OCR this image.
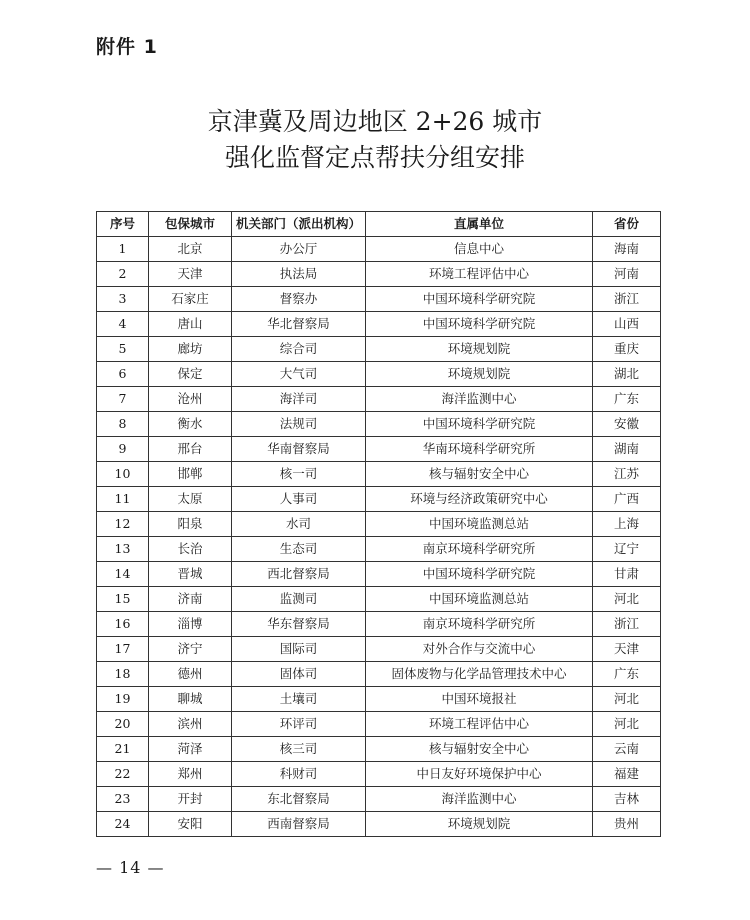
附件 1
京津冀及周边地区 2+26 城市
强化监督定点帮扶分组安排
序号	包保城市	机关部门（派出机构）	直属单位	省份
1	北京	办公厅	信息中心	海南
2	天津	执法局	环境工程评估中心	河南
3	石家庄	督察办	中国环境科学研究院	浙江
4	唐山	华北督察局	中国环境科学研究院	山西
5	廊坊	综合司	环境规划院	重庆
6	保定	大气司	环境规划院	湖北
7	沧州	海洋司	海洋监测中心	广东
8	衡水	法规司	中国环境科学研究院	安徽
9	邢台	华南督察局	华南环境科学研究所	湖南
10	邯郸	核一司	核与辐射安全中心	江苏
11	太原	人事司	环境与经济政策研究中心	广西
12	阳泉	水司	中国环境监测总站	上海
13	长治	生态司	南京环境科学研究所	辽宁
14	晋城	西北督察局	中国环境科学研究院	甘肃
15	济南	监测司	中国环境监测总站	河北
16	淄博	华东督察局	南京环境科学研究所	浙江
17	济宁	国际司	对外合作与交流中心	天津
18	德州	固体司	固体废物与化学品管理技术中心	广东
19	聊城	土壤司	中国环境报社	河北
20	滨州	环评司	环境工程评估中心	河北
21	菏泽	核三司	核与辐射安全中心	云南
22	郑州	科财司	中日友好环境保护中心	福建
23	开封	东北督察局	海洋监测中心	吉林
24	安阳	西南督察局	环境规划院	贵州
— 14 —
